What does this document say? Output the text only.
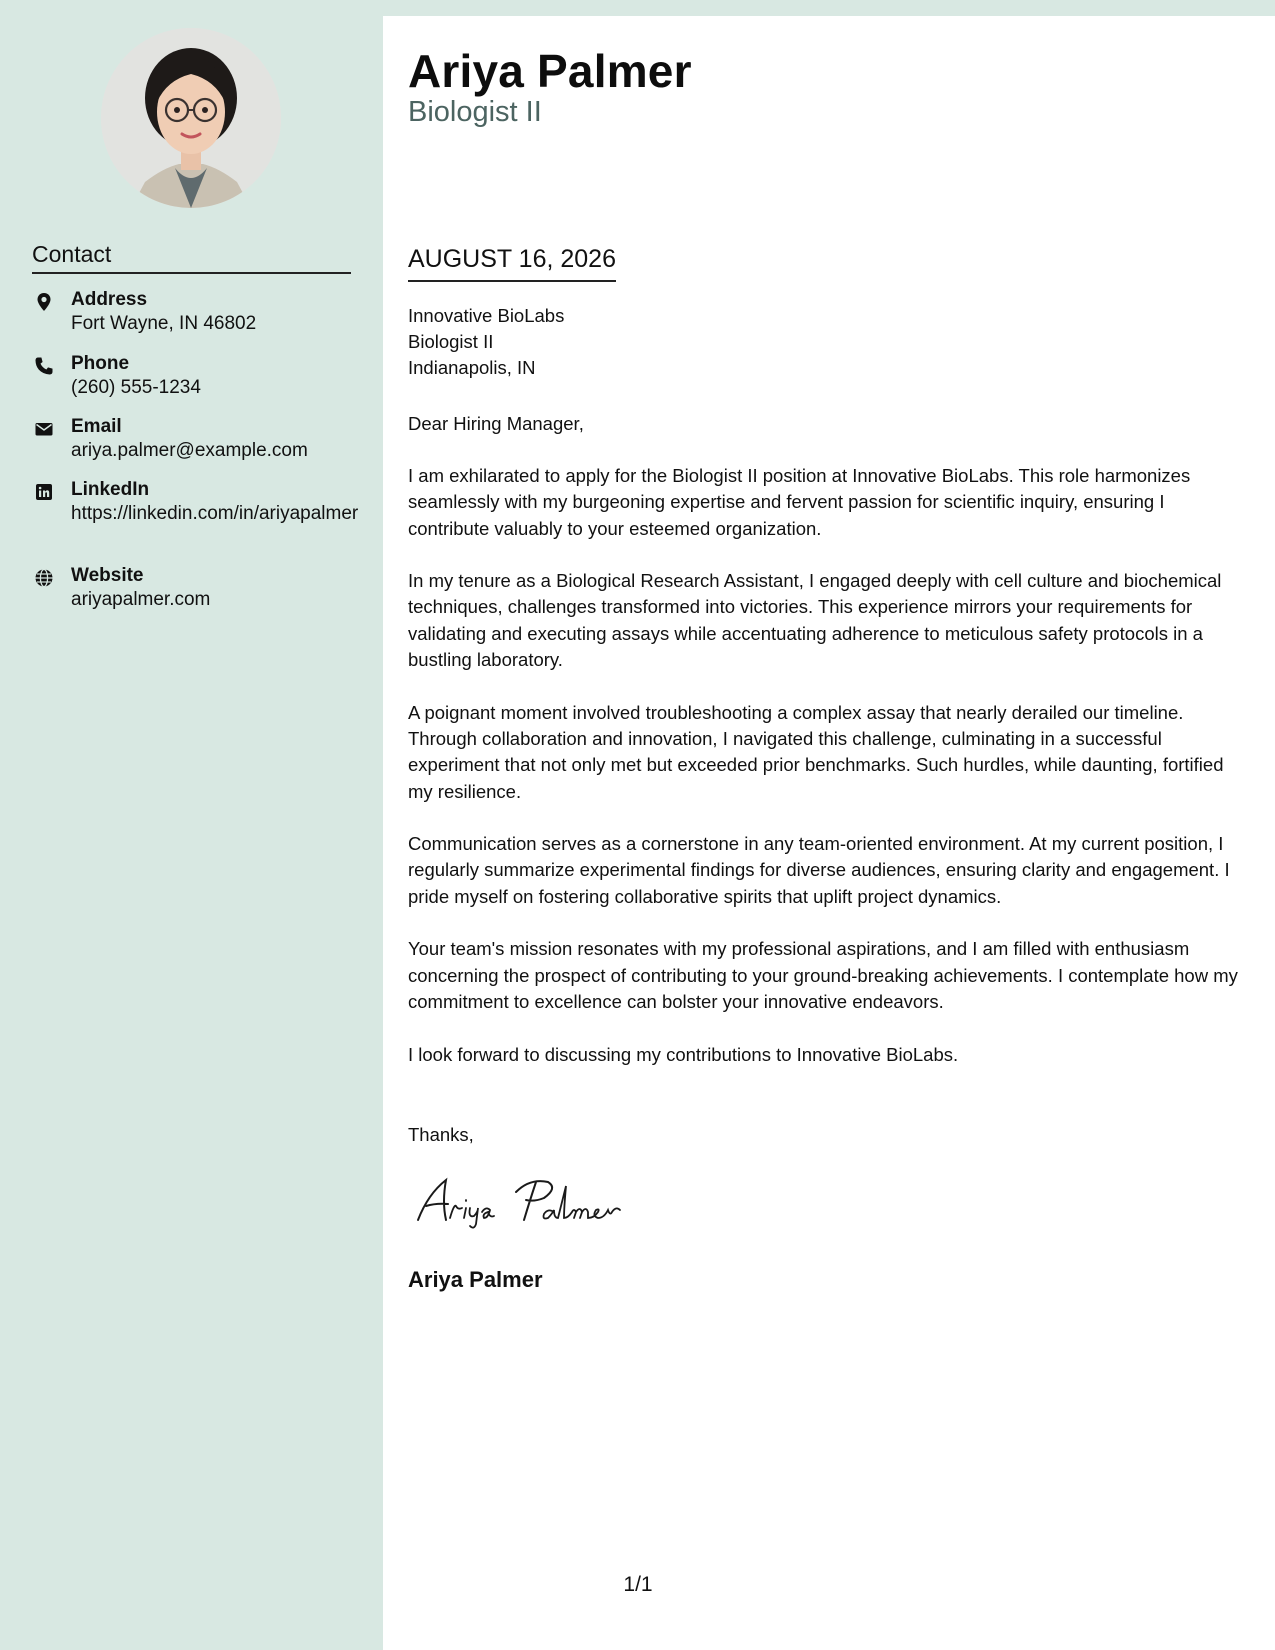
Contact
Address
Fort Wayne, IN 46802
Phone
(260) 555-1234
Email
ariya.palmer@example.com
LinkedIn
https://linkedin.com/in/ariyapalmer
Website
ariyapalmer.com
Ariya Palmer
Biologist II
AUGUST 16, 2026
Innovative BioLabs
Biologist II
Indianapolis, IN
Dear Hiring Manager,

I am exhilarated to apply for the Biologist II position at Innovative BioLabs. This role harmonizes seamlessly with my burgeoning expertise and fervent passion for scientific inquiry, ensuring I contribute valuably to your esteemed organization.

In my tenure as a Biological Research Assistant, I engaged deeply with cell culture and biochemical techniques, challenges transformed into victories. This experience mirrors your requirements for validating and executing assays while accentuating adherence to meticulous safety protocols in a bustling laboratory.

A poignant moment involved troubleshooting a complex assay that nearly derailed our timeline. Through collaboration and innovation, I navigated this challenge, culminating in a successful experiment that not only met but exceeded prior benchmarks. Such hurdles, while daunting, fortified my resilience.

Communication serves as a cornerstone in any team-oriented environment. At my current position, I regularly summarize experimental findings for diverse audiences, ensuring clarity and engagement. I pride myself on fostering collaborative spirits that uplift project dynamics.

Your team's mission resonates with my professional aspirations, and I am filled with enthusiasm concerning the prospect of contributing to your ground-breaking achievements. I contemplate how my commitment to excellence can bolster your innovative endeavors.

I look forward to discussing my contributions to Innovative BioLabs.

Thanks,
Ariya Palmer
1/1
